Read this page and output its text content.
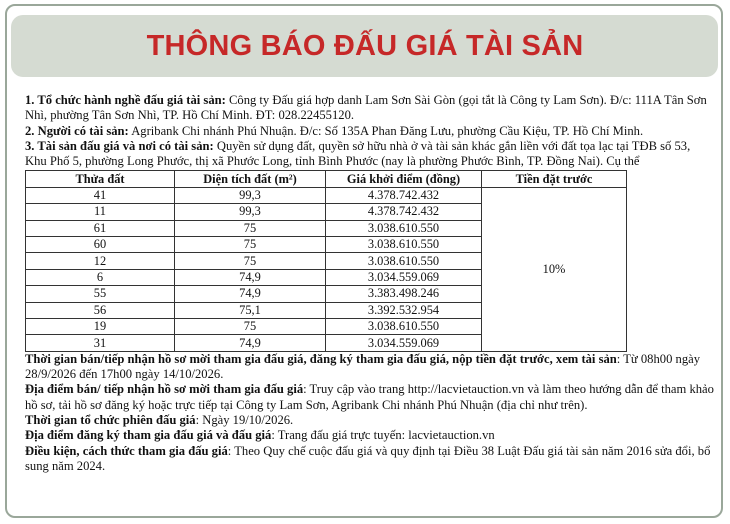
THÔNG BÁO ĐẤU GIÁ TÀI SẢN

1. Tổ chức hành nghề đấu giá tài sản: Công ty Đấu giá hợp danh Lam Sơn Sài Gòn (gọi tắt là Công ty Lam Sơn). Đ/c: 111A Tân Sơn Nhì, phường Tân Sơn Nhì, TP. Hồ Chí Minh. ĐT: 028.22455120.

2. Người có tài sản: Agribank Chi nhánh Phú Nhuận. Đ/c: Số 135A Phan Đăng Lưu, phường Cầu Kiệu, TP. Hồ Chí Minh.

3. Tài sản đấu giá và nơi có tài sản: Quyền sử dụng đất, quyền sở hữu nhà ở và tài sản khác gắn liền với đất tọa lạc tại TĐB số 53, Khu Phố 5, phường Long Phước, thị xã Phước Long, tỉnh Bình Phước (nay là phường Phước Bình, TP. Đồng Nai). Cụ thể

Thửa đất	Diện tích đất (m²)	Giá khởi điểm (đồng)	Tiền đặt trước
41	99,3	4.378.742.432	10%
11	99,3	4.378.742.432	
61	75	3.038.610.550	
60	75	3.038.610.550	
12	75	3.038.610.550	
6	74,9	3.034.559.069	
55	74,9	3.383.498.246	
56	75,1	3.392.532.954	
19	75	3.038.610.550	
31	74,9	3.034.559.069	

Thời gian bán/tiếp nhận hồ sơ mời tham gia đấu giá, đăng ký tham gia đấu giá, nộp tiền đặt trước, xem tài sản: Từ 08h00 ngày 28/9/2026 đến 17h00 ngày 14/10/2026.

Địa điểm bán/ tiếp nhận hồ sơ mời tham gia đấu giá: Truy cập vào trang http://lacvietauction.vn và làm theo hướng dẫn để tham khảo hồ sơ, tải hồ sơ đăng ký hoặc trực tiếp tại Công ty Lam Sơn, Agribank Chi nhánh Phú Nhuận (địa chỉ như trên).

Thời gian tổ chức phiên đấu giá: Ngày 19/10/2026.

Địa điểm đăng ký tham gia đấu giá và đấu giá: Trang đấu giá trực tuyến: lacvietauction.vn

Điều kiện, cách thức tham gia đấu giá: Theo Quy chế cuộc đấu giá và quy định tại Điều 38 Luật Đấu giá tài sản năm 2016 sửa đổi, bổ sung năm 2024.
